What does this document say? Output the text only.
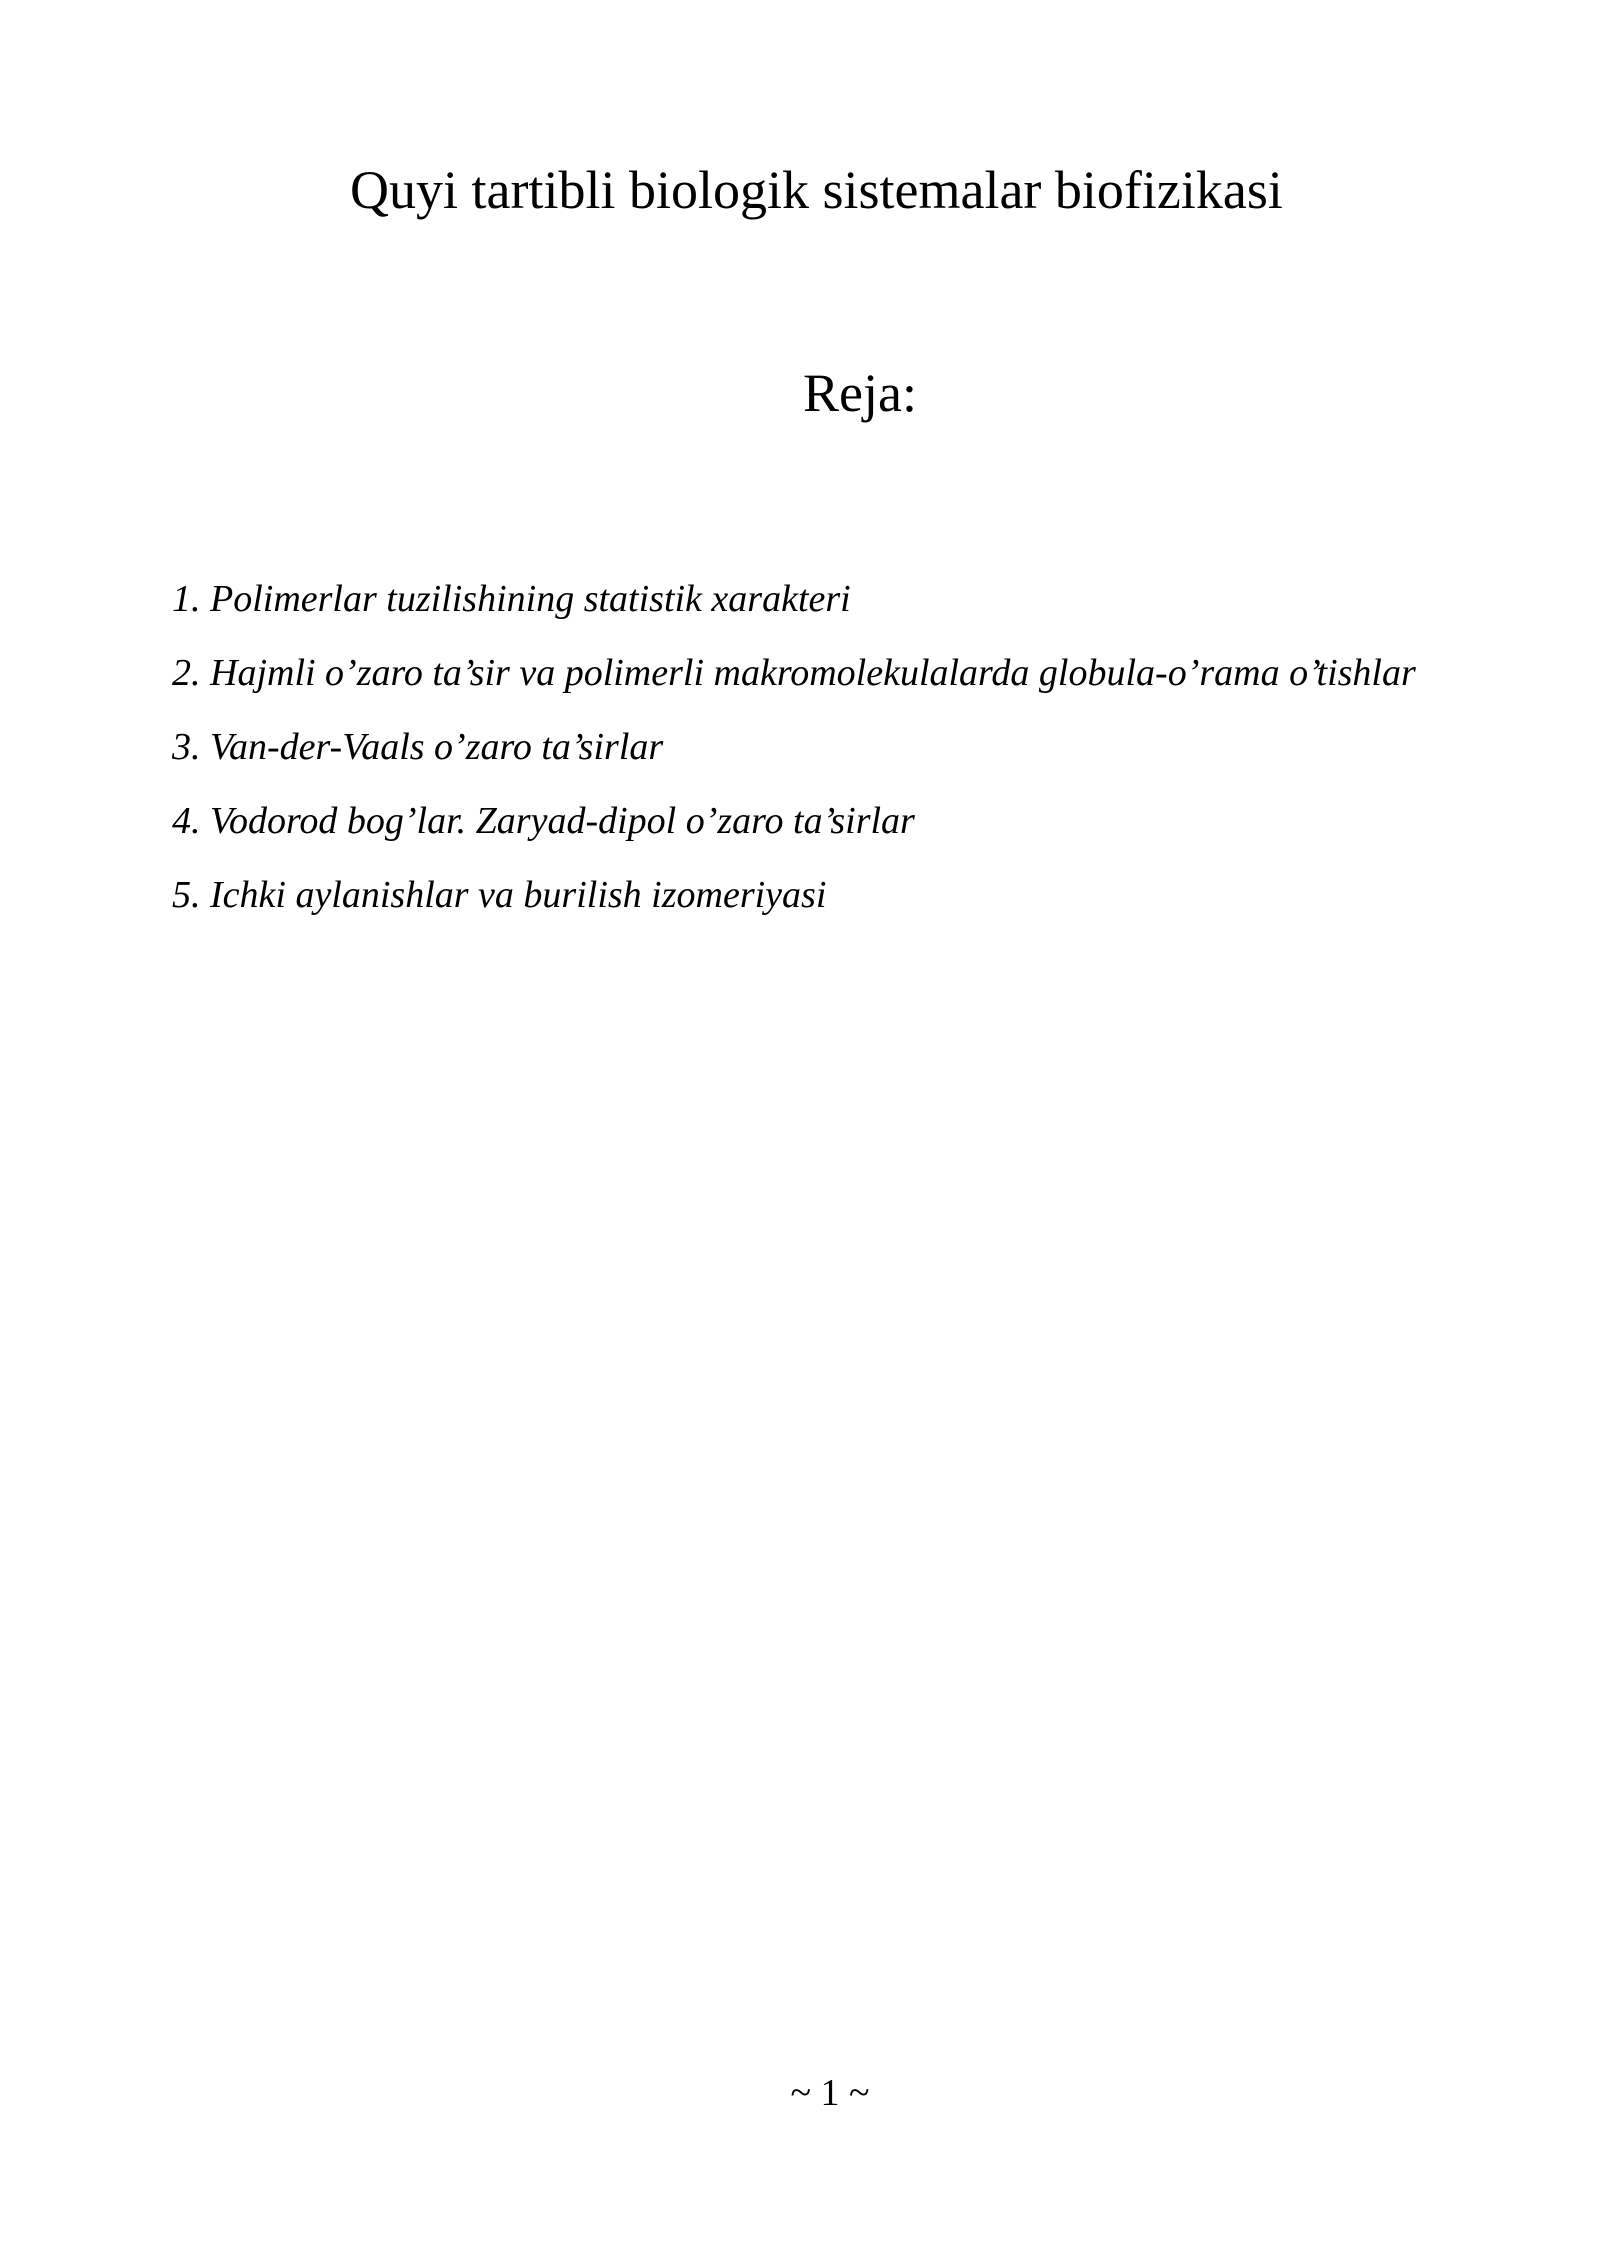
Quyi tartibli biologik sistemalar biofizikasi
Reja:
1. Polimerlar tuzilishining statistik xarakteri
2. Hajmli o’zaro ta’sir va polimerli makromolekulalarda globula-o’rama o’tishlar
3. Van-der-Vaals o’zaro ta’sirlar
4. Vodorod bog’lar. Zaryad-dipol o’zaro ta’sirlar
5. Ichki aylanishlar va burilish izomeriyasi
~ 1 ~
